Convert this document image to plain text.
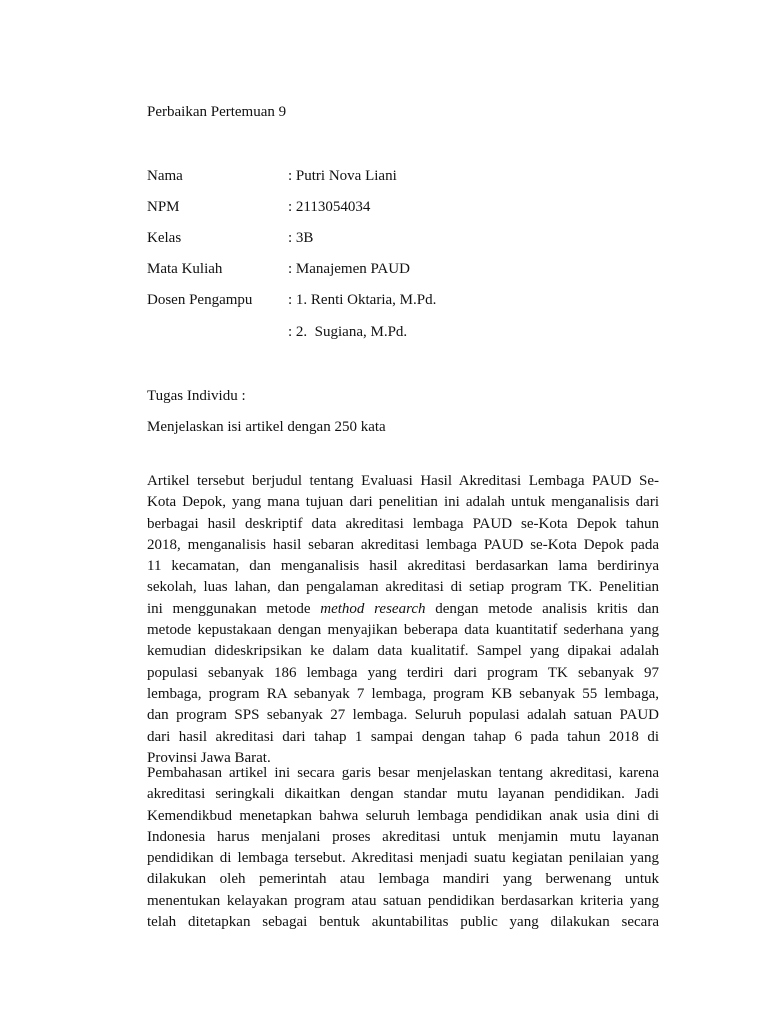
Perbaikan Pertemuan 9
Nama	: Putri Nova Liani
NPM	: 2113054034
Kelas	: 3B
Mata Kuliah	: Manajemen PAUD
Dosen Pengampu : 1. Renti Oktaria, M.Pd.
: 2.  Sugiana, M.Pd.
Tugas Individu :
Menjelaskan isi artikel dengan 250 kata
Artikel tersebut berjudul tentang Evaluasi Hasil Akreditasi Lembaga PAUD Se-
Kota Depok, yang mana tujuan dari penelitian ini adalah untuk menganalisis dari
berbagai hasil deskriptif data akreditasi lembaga PAUD se-Kota Depok tahun
2018, menganalisis hasil sebaran akreditasi lembaga PAUD se-Kota Depok pada
11 kecamatan, dan menganalisis hasil akreditasi berdasarkan lama berdirinya
sekolah, luas lahan, dan pengalaman akreditasi di setiap program TK. Penelitian
ini menggunakan metode method research dengan metode analisis kritis dan
metode kepustakaan dengan menyajikan beberapa data kuantitatif sederhana yang
kemudian dideskripsikan ke dalam data kualitatif. Sampel yang dipakai adalah
populasi sebanyak 186 lembaga yang terdiri dari program TK sebanyak 97
lembaga, program RA sebanyak 7 lembaga, program KB sebanyak 55 lembaga,
dan program SPS sebanyak 27 lembaga. Seluruh populasi adalah satuan PAUD
dari hasil akreditasi dari tahap 1 sampai dengan tahap 6 pada tahun 2018 di
Provinsi Jawa Barat.
Pembahasan artikel ini secara garis besar menjelaskan tentang akreditasi, karena
akreditasi seringkali dikaitkan dengan standar mutu layanan pendidikan. Jadi
Kemendikbud menetapkan bahwa seluruh lembaga pendidikan anak usia dini di
Indonesia harus menjalani proses akreditasi untuk menjamin mutu layanan
pendidikan di lembaga tersebut. Akreditasi menjadi suatu kegiatan penilaian yang
dilakukan oleh pemerintah atau lembaga mandiri yang berwenang untuk
menentukan kelayakan program atau satuan pendidikan berdasarkan kriteria yang
telah ditetapkan sebagai bentuk akuntabilitas public yang dilakukan secara
